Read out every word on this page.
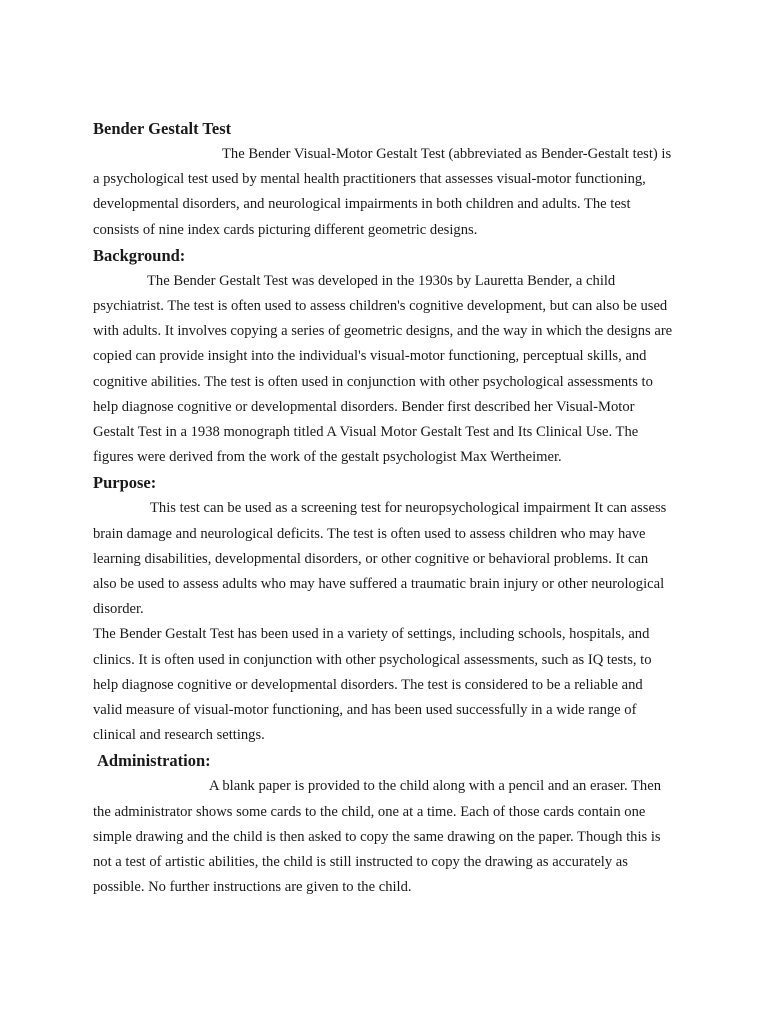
Bender Gestalt Test

The Bender Visual-Motor Gestalt Test (abbreviated as Bender-Gestalt test) is a psychological test used by mental health practitioners that assesses visual-motor functioning, developmental disorders, and neurological impairments in both children and adults. The test consists of nine index cards picturing different geometric designs.

Background:

The Bender Gestalt Test was developed in the 1930s by Lauretta Bender, a child psychiatrist. The test is often used to assess children's cognitive development, but can also be used with adults. It involves copying a series of geometric designs, and the way in which the designs are copied can provide insight into the individual's visual-motor functioning, perceptual skills, and cognitive abilities. The test is often used in conjunction with other psychological assessments to help diagnose cognitive or developmental disorders. Bender first described her Visual-Motor Gestalt Test in a 1938 monograph titled A Visual Motor Gestalt Test and Its Clinical Use. The figures were derived from the work of the gestalt psychologist Max Wertheimer.

Purpose:

This test can be used as a screening test for neuropsychological impairment It can assess brain damage and neurological deficits. The test is often used to assess children who may have learning disabilities, developmental disorders, or other cognitive or behavioral problems. It can also be used to assess adults who may have suffered a traumatic brain injury or other neurological disorder.

The Bender Gestalt Test has been used in a variety of settings, including schools, hospitals, and clinics. It is often used in conjunction with other psychological assessments, such as IQ tests, to help diagnose cognitive or developmental disorders. The test is considered to be a reliable and valid measure of visual-motor functioning, and has been used successfully in a wide range of clinical and research settings.

Administration:

A blank paper is provided to the child along with a pencil and an eraser. Then the administrator shows some cards to the child, one at a time. Each of those cards contain one simple drawing and the child is then asked to copy the same drawing on the paper. Though this is not a test of artistic abilities, the child is still instructed to copy the drawing as accurately as possible. No further instructions are given to the child.
